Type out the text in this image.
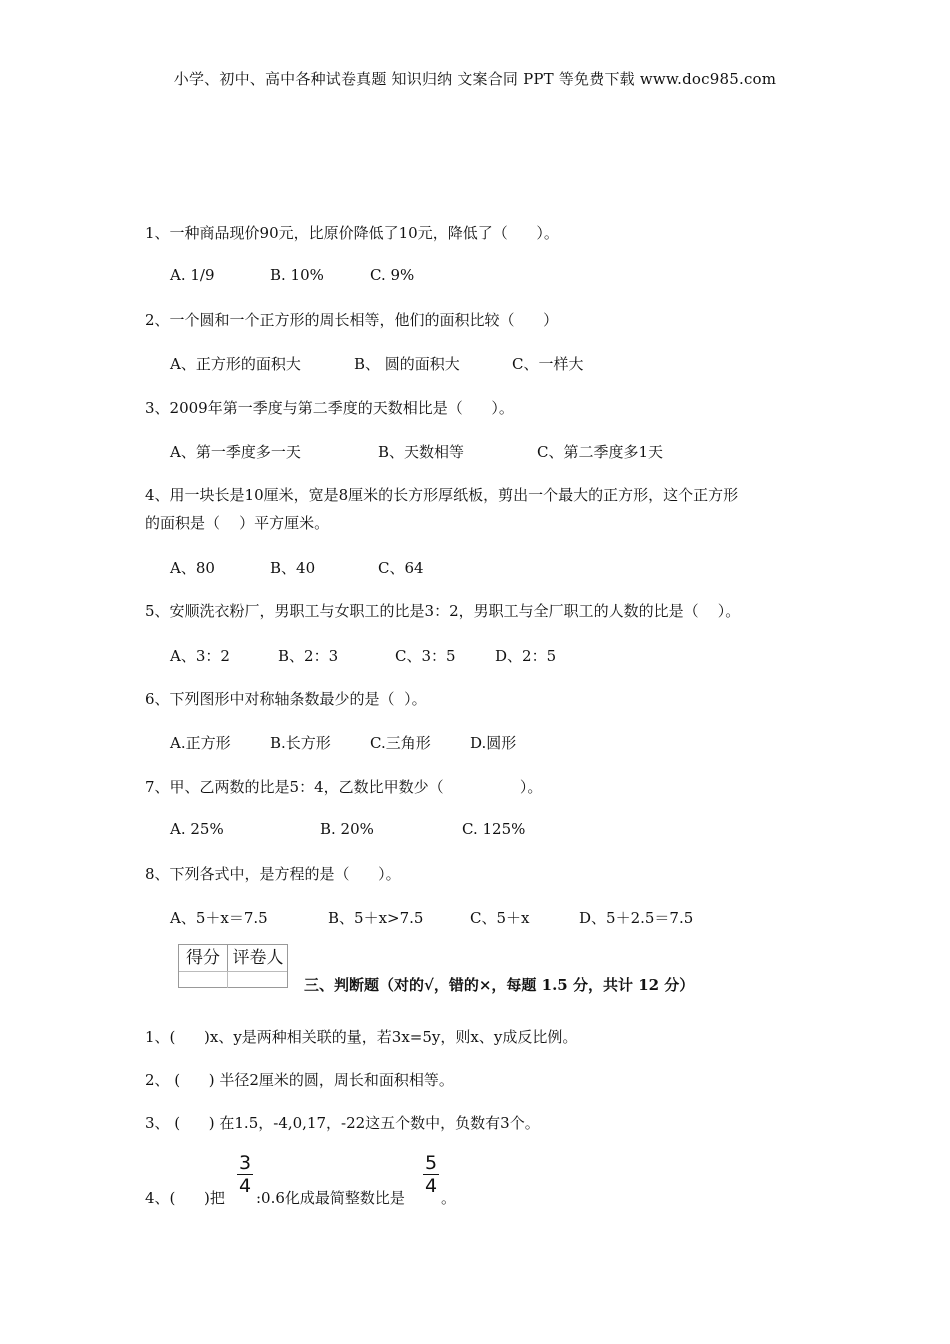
小学、初中、高中各种试卷真题 知识归纳 文案合同 PPT 等免费下载 www.doc985.com
1、一种商品现价90元，比原价降低了10元，降低了（      ）。
A. 1/9	B. 10%	C. 9%
2、一个圆和一个正方形的周长相等，他们的面积比较（      ）
A、正方形的面积大	B、 圆的面积大	C、一样大
3、2009年第一季度与第二季度的天数相比是（      ）。
A、第一季度多一天	B、天数相等	C、第二季度多1天
4、用一块长是10厘米，宽是8厘米的长方形厚纸板，剪出一个最大的正方形，这个正方形
的面积是（    ）平方厘米。
A、80	B、40	C、64
5、安顺洗衣粉厂，男职工与女职工的比是3：2，男职工与全厂职工的人数的比是（    ）。
A、3：2	B、2：3	C、3：5	D、2：5
6、下列图形中对称轴条数最少的是（  ）。
A.正方形	B.长方形	C.三角形	D.圆形
7、甲、乙两数的比是5：4，乙数比甲数少（                ）。
A. 25%	B. 20%	C. 125%
8、下列各式中，是方程的是（      ）。
A、5＋x＝7.5	B、5＋x>7.5	C、5＋x	D、5＋2.5＝7.5
得分 评卷人
三、判断题（对的√，错的×，每题 1.5 分，共计 12 分）
1、(      )x、y是两种相关联的量，若3x=5y，则x、y成反比例。
2、 (      ) 半径2厘米的圆，周长和面积相等。
3、 (      ) 在1.5，-4,0,17，-22这五个数中，负数有3个。
4、(      )把
3
4
:0.6化成最简整数比是
5
4
。
